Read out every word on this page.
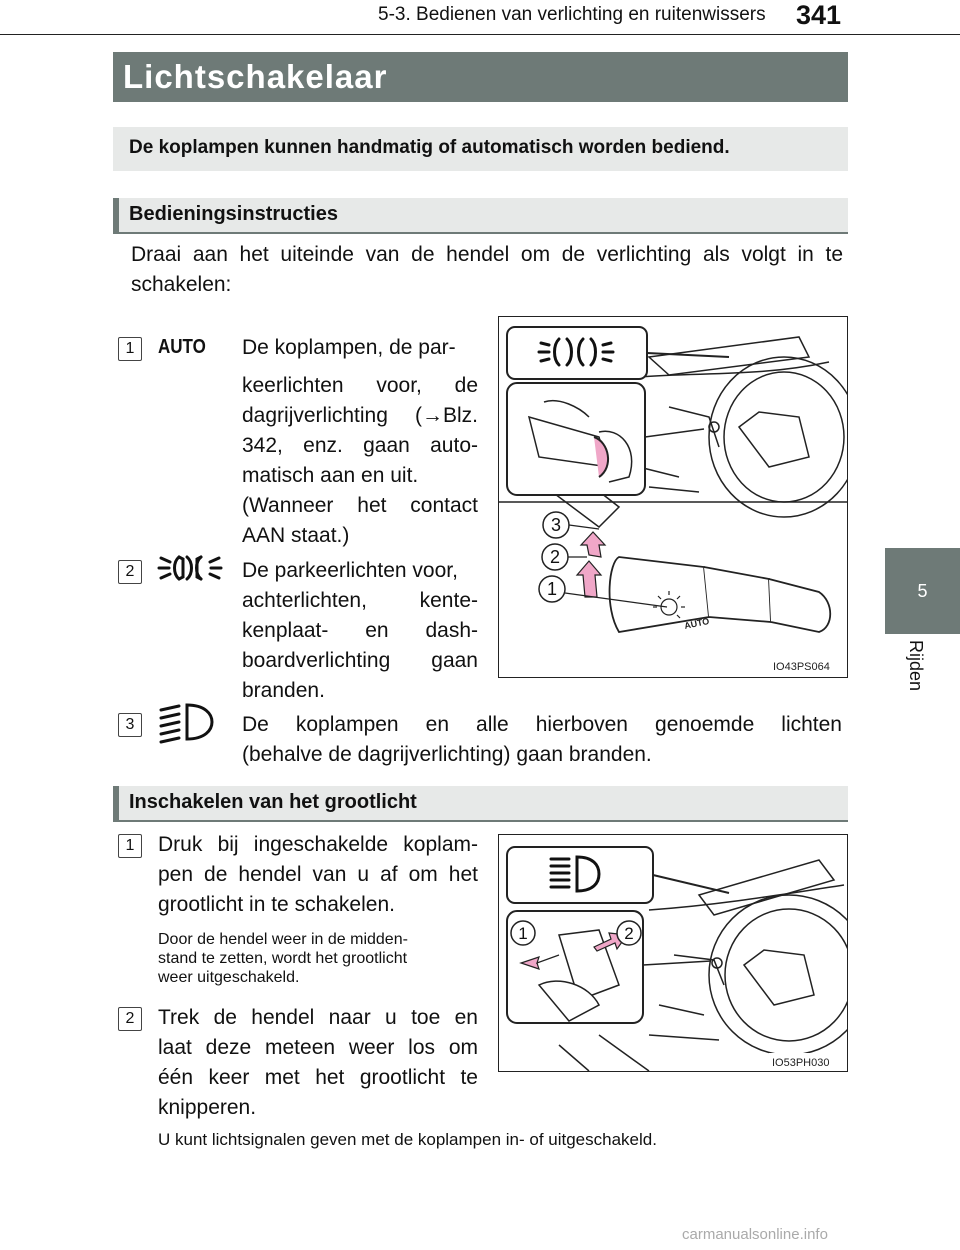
5-3. Bedienen van verlichting en ruitenwissers 341
5
Rijden
Lichtschakelaar
De koplampen kunnen handmatig of automatisch worden bediend.
Bedieningsinstructies
Draai aan het uiteinde van de hendel om de verlichting als volgt in te
schakelen:
1	AUTO De koplampen, de par-
keerlichten voor, de
dagrijverlichting (→Blz.
342, enz. gaan auto-
matisch aan en uit.
(Wanneer het contact
AAN staat.)
2	De parkeerlichten voor,
achterlichten, kente-
kenplaat- en dash-
boardverlichting gaan
branden.
AUTO
3
2
1
IO43PS064
3	De koplampen en alle hierboven genoemde lichten
(behalve de dagrijverlichting) gaan branden.
Inschakelen van het grootlicht
1	Druk bij ingeschakelde koplam-
pen de hendel van u af om het
grootlicht in te schakelen.
Door de hendel weer in de midden-
stand te zetten, wordt het grootlicht
weer uitgeschakeld.
2	Trek de hendel naar u toe en
laat deze meteen weer los om
één keer met het grootlicht te
knipperen.
U kunt lichtsignalen geven met de koplampen in- of uitgeschakeld.
1	2
IO53PH030
carmanualsonline.info
